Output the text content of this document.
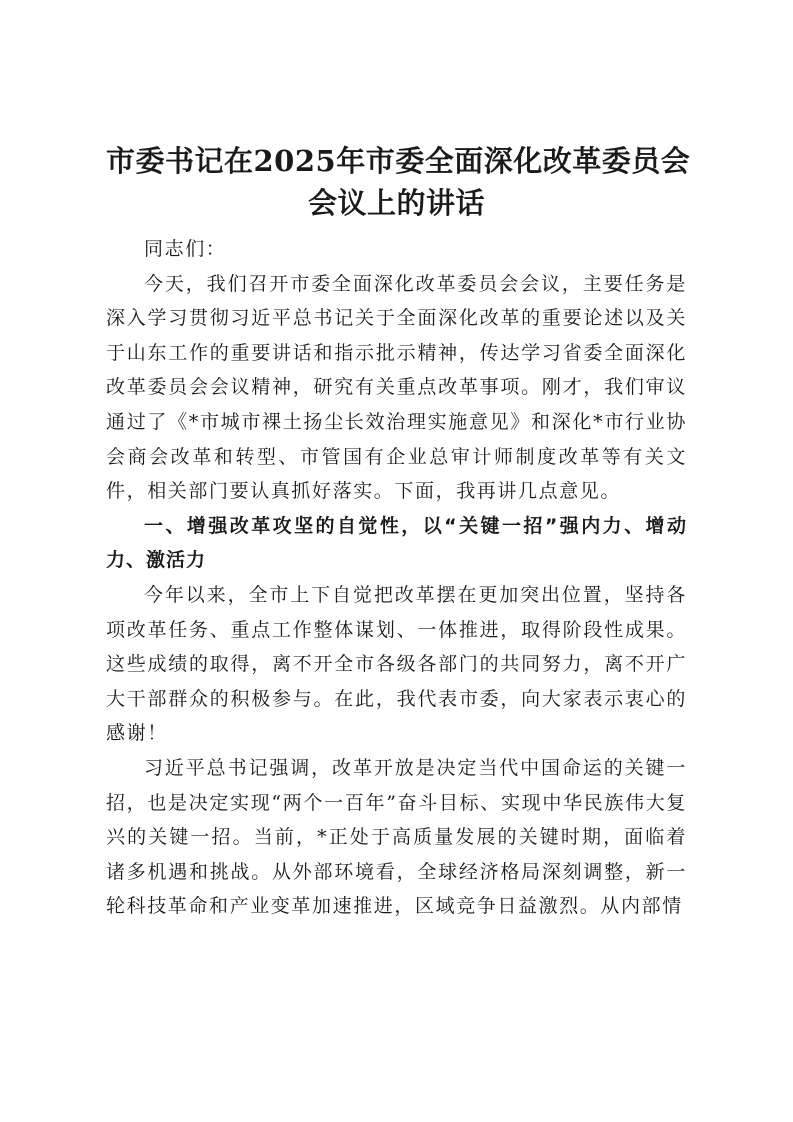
市委书记在2025年市委全面深化改革委员会
会议上的讲话

同志们：

今天，我们召开市委全面深化改革委员会会议，主要任务是深入学习贯彻习近平总书记关于全面深化改革的重要论述以及关于山东工作的重要讲话和指示批示精神，传达学习省委全面深化改革委员会会议精神，研究有关重点改革事项。刚才，我们审议通过了《*市城市裸土扬尘长效治理实施意见》和深化*市行业协会商会改革和转型、市管国有企业总审计师制度改革等有关文件，相关部门要认真抓好落实。下面，我再讲几点意见。

一、增强改革攻坚的自觉性，以“关键一招”强内力、增动力、激活力

今年以来，全市上下自觉把改革摆在更加突出位置，坚持各项改革任务、重点工作整体谋划、一体推进，取得阶段性成果。这些成绩的取得，离不开全市各级各部门的共同努力，离不开广大干部群众的积极参与。在此，我代表市委，向大家表示衷心的感谢！

习近平总书记强调，改革开放是决定当代中国命运的关键一招，也是决定实现“两个一百年”奋斗目标、实现中华民族伟大复兴的关键一招。当前，*正处于高质量发展的关键时期，面临着诸多机遇和挑战。从外部环境看，全球经济格局深刻调整，新一轮科技革命和产业变革加速推进，区域竞争日益激烈。从内部情
